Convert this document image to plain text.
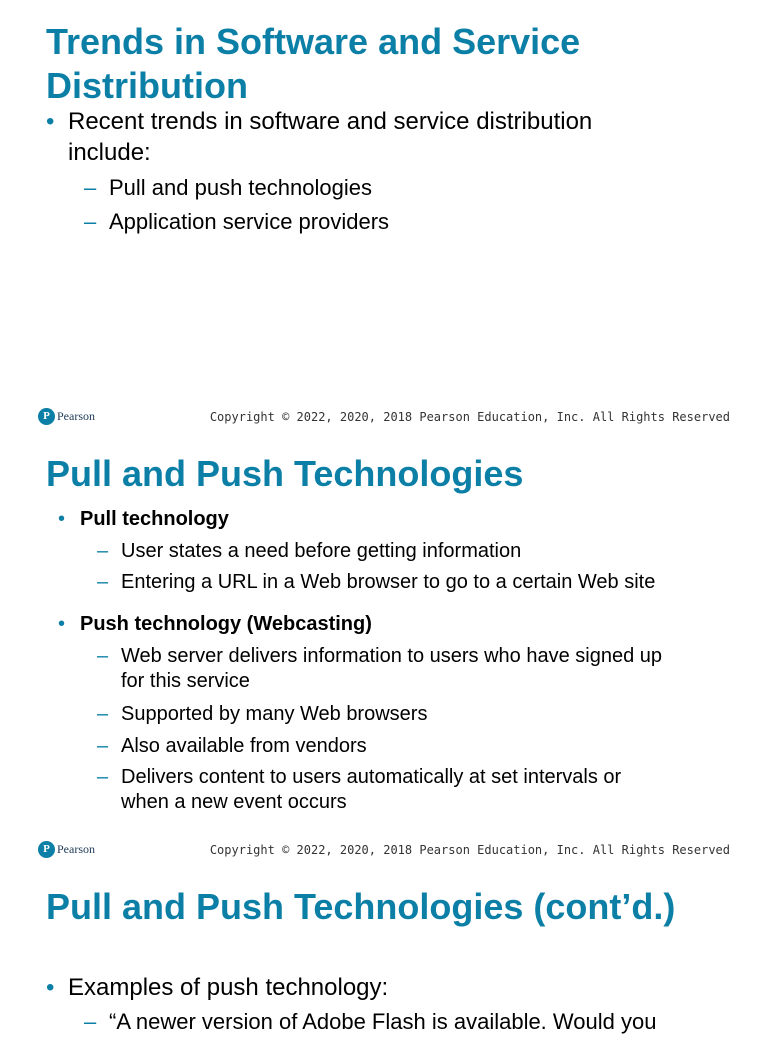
Trends in Software and Service
Distribution
• Recent trends in software and service distribution
include:
– Pull and push technologies
– Application service providers
P Pearson	Copyright © 2022, 2020, 2018 Pearson Education, Inc. All Rights Reserved
Pull and Push Technologies
• Pull technology
– User states a need before getting information
– Entering a URL in a Web browser to go to a certain Web site
• Push technology (Webcasting)
– Web server delivers information to users who have signed up
for this service
– Supported by many Web browsers
– Also available from vendors
– Delivers content to users automatically at set intervals or
when a new event occurs
P Pearson	Copyright © 2022, 2020, 2018 Pearson Education, Inc. All Rights Reserved
Pull and Push Technologies (cont’d.)
• Examples of push technology:
– “A newer version of Adobe Flash is available. Would you
